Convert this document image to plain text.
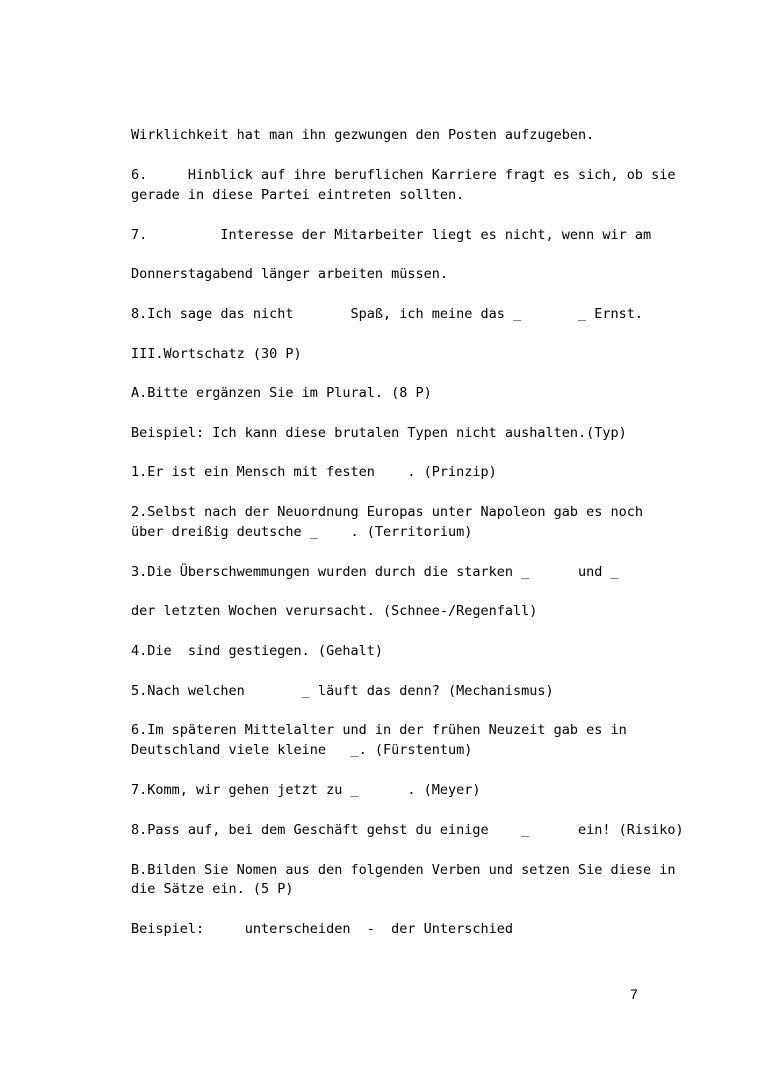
Wirklichkeit hat man ihn gezwungen den Posten aufzugeben.
6.     Hinblick auf ihre beruflichen Karriere fragt es sich, ob sie
gerade in diese Partei eintreten sollten.
7.         Interesse der Mitarbeiter liegt es nicht, wenn wir am
Donnerstagabend länger arbeiten müssen.
8.Ich sage das nicht       Spaß, ich meine das _       _ Ernst.
III.Wortschatz (30 P)
A.Bitte ergänzen Sie im Plural. (8 P)
Beispiel: Ich kann diese brutalen Typen nicht aushalten.(Typ)
1.Er ist ein Mensch mit festen    . (Prinzip)
2.Selbst nach der Neuordnung Europas unter Napoleon gab es noch
über dreißig deutsche _    . (Territorium)
3.Die Überschwemmungen wurden durch die starken _      und _
der letzten Wochen verursacht. (Schnee-/Regenfall)
4.Die  sind gestiegen. (Gehalt)
5.Nach welchen       _ läuft das denn? (Mechanismus)
6.Im späteren Mittelalter und in der frühen Neuzeit gab es in
Deutschland viele kleine   _. (Fürstentum)
7.Komm, wir gehen jetzt zu _      . (Meyer)
8.Pass auf, bei dem Geschäft gehst du einige    _      ein! (Risiko)
B.Bilden Sie Nomen aus den folgenden Verben und setzen Sie diese in
die Sätze ein. (5 P)
Beispiel:     unterscheiden  -  der Unterschied
7
